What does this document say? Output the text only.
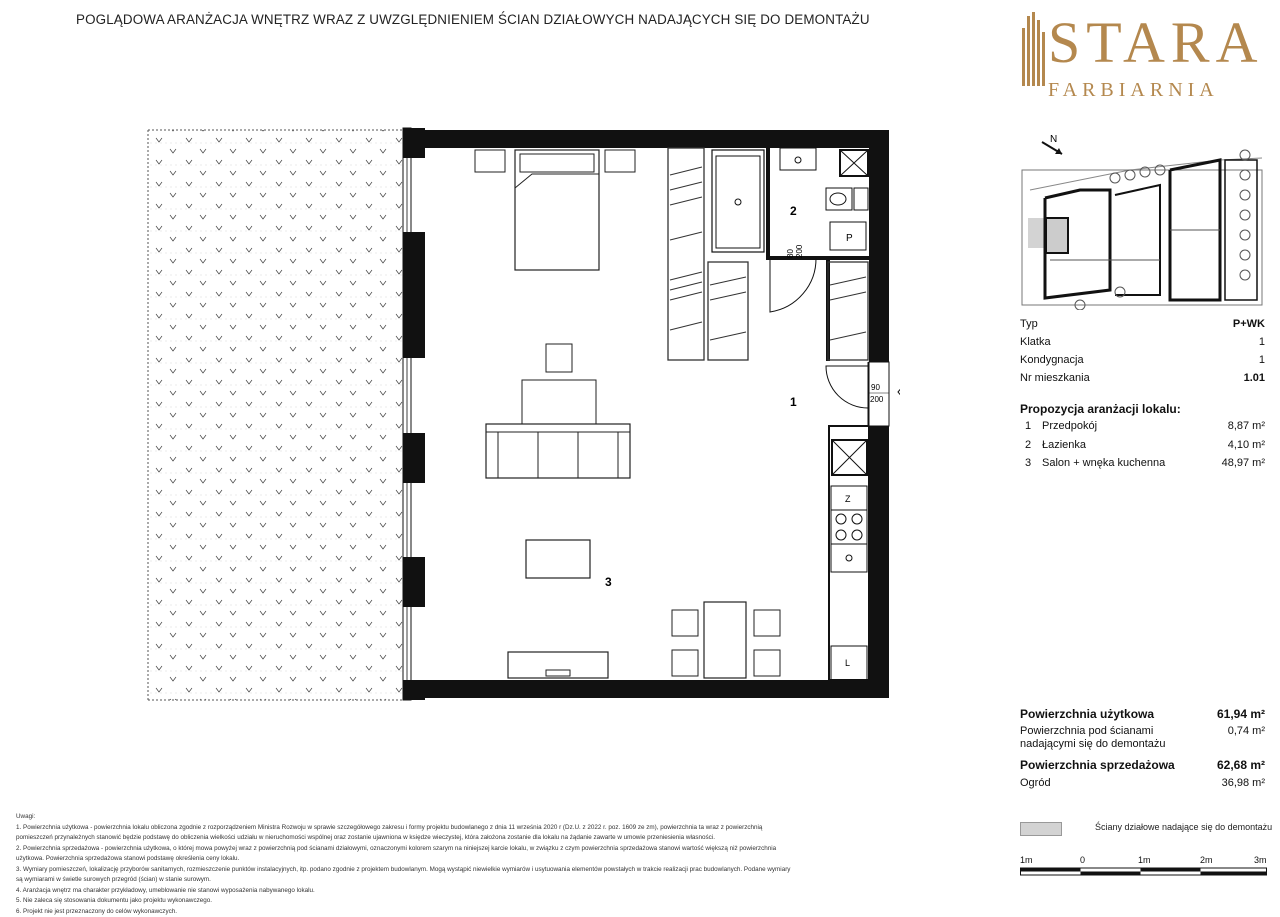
POGLĄDOWA ARANŻACJA WNĘTRZ WRAZ Z UWZGLĘDNIENIEM ŚCIAN DZIAŁOWYCH NADAJĄCYCH SIĘ DO DEMONTAŻU	STARA
FARBIARNIA
N
Typ	P+WK
Klatka	1
Kondygnacja	1
Nr mieszkania	1.01
Propozycja aranżacji lokalu:
1 Przedpokój	8,87 m²
2 Łazienka	4,10 m²
3 Salon + wnęka kuchenna	48,97 m²
Powierzchnia użytkowa	61,94 m²
Powierzchnia pod ścianami
nadającymi się do demontażu
0,74 m²
Powierzchnia sprzedażowa	62,68 m²
Ogród	36,98 m²
Ściany działowe nadające się do demontażu
1m	0	1m	2m	3m
Uwagi:
1. Powierzchnia użytkowa - powierzchnia lokalu obliczona zgodnie z rozporządzeniem Ministra Rozwoju w sprawie szczegółowego zakresu i formy projektu budowlanego z dnia 11 września 2020 r (Dz.U. z 2022 r. poz. 1609 ze zm), powierzchnia ta wraz z powierzchnią
pomieszczeń przynależnych stanowić będzie podstawę do obliczenia wielkości udziału w nieruchomości wspólnej oraz zostanie ujawniona w księdze wieczystej, która założona zostanie dla lokalu na żądanie zawarte w umowie przeniesienia własności.
2. Powierzchnia sprzedażowa - powierzchnia użytkowa, o której mowa powyżej wraz z powierzchnią pod ścianami działowymi, oznaczonymi kolorem szarym na niniejszej karcie lokalu, w związku z czym powierzchnia sprzedażowa stanowi wartość większą niż powierzchnia
użytkowa. Powierzchnia sprzedażowa stanowi podstawę określenia ceny lokalu.
3. Wymiary pomieszczeń, lokalizację przyborów sanitarnych, rozmieszczenie punktów instalacyjnych, itp. podano zgodnie z projektem budowlanym. Mogą wystąpić niewielkie wymiarów i usytuowania elementów powstałych w trakcie realizacji prac budowlanych. Podane wymiary
są wymiarami w świetle surowych przegród (ścian) w stanie surowym.
4. Aranżacja wnętrz ma charakter przykładowy, umeblowanie nie stanowi wyposażenia nabywanego lokalu.
5. Nie zaleca się stosowania dokumentu jako projektu wykonawczego.
6. Projekt nie jest przeznaczony do celów wykonawczych.
P
80 200
90
200
Z
L
2
1
3
